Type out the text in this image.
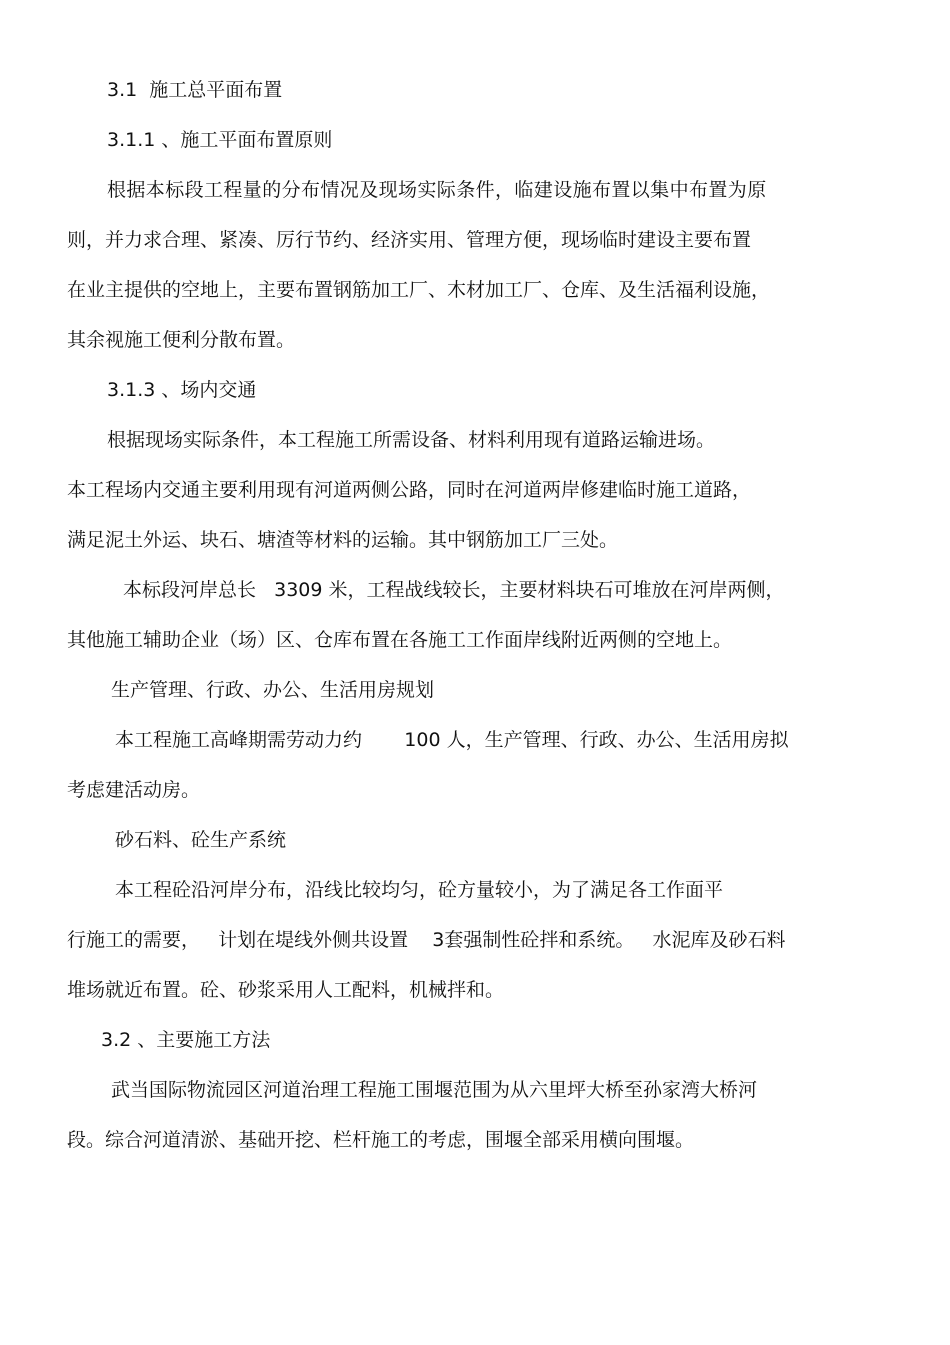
3.1  施工总平面布置
3.1.1 、施工平面布置原则
根据本标段工程量的分布情况及现场实际条件，临建设施布置以集中布置为原
则，并力求合理、紧凑、厉行节约、经济实用、管理方便，现场临时建设主要布置
在业主提供的空地上，主要布置钢筋加工厂、木材加工厂、仓库、及生活福利设施，
其余视施工便利分散布置。
3.1.3 、场内交通
根据现场实际条件，本工程施工所需设备、材料利用现有道路运输进场。
本工程场内交通主要利用现有河道两侧公路，同时在河道两岸修建临时施工道路，
满足泥土外运、块石、塘渣等材料的运输。其中钢筋加工厂三处。
本标段河岸总长   3309 米，工程战线较长，主要材料块石可堆放在河岸两侧，
其他施工辅助企业（场）区、仓库布置在各施工工作面岸线附近两侧的空地上。
生产管理、行政、办公、生活用房规划
本工程施工高峰期需劳动力约       100 人，生产管理、行政、办公、生活用房拟
考虑建活动房。
砂石料、砼生产系统
本工程砼沿河岸分布，沿线比较均匀，砼方量较小，为了满足各工作面平
行施工的需要，   计划在堤线外侧共设置    3套强制性砼拌和系统。   水泥库及砂石料
堆场就近布置。砼、砂浆采用人工配料，机械拌和。
3.2 、主要施工方法
武当国际物流园区河道治理工程施工围堰范围为从六里坪大桥至孙家湾大桥河
段。综合河道清淤、基础开挖、栏杆施工的考虑，围堰全部采用横向围堰。
